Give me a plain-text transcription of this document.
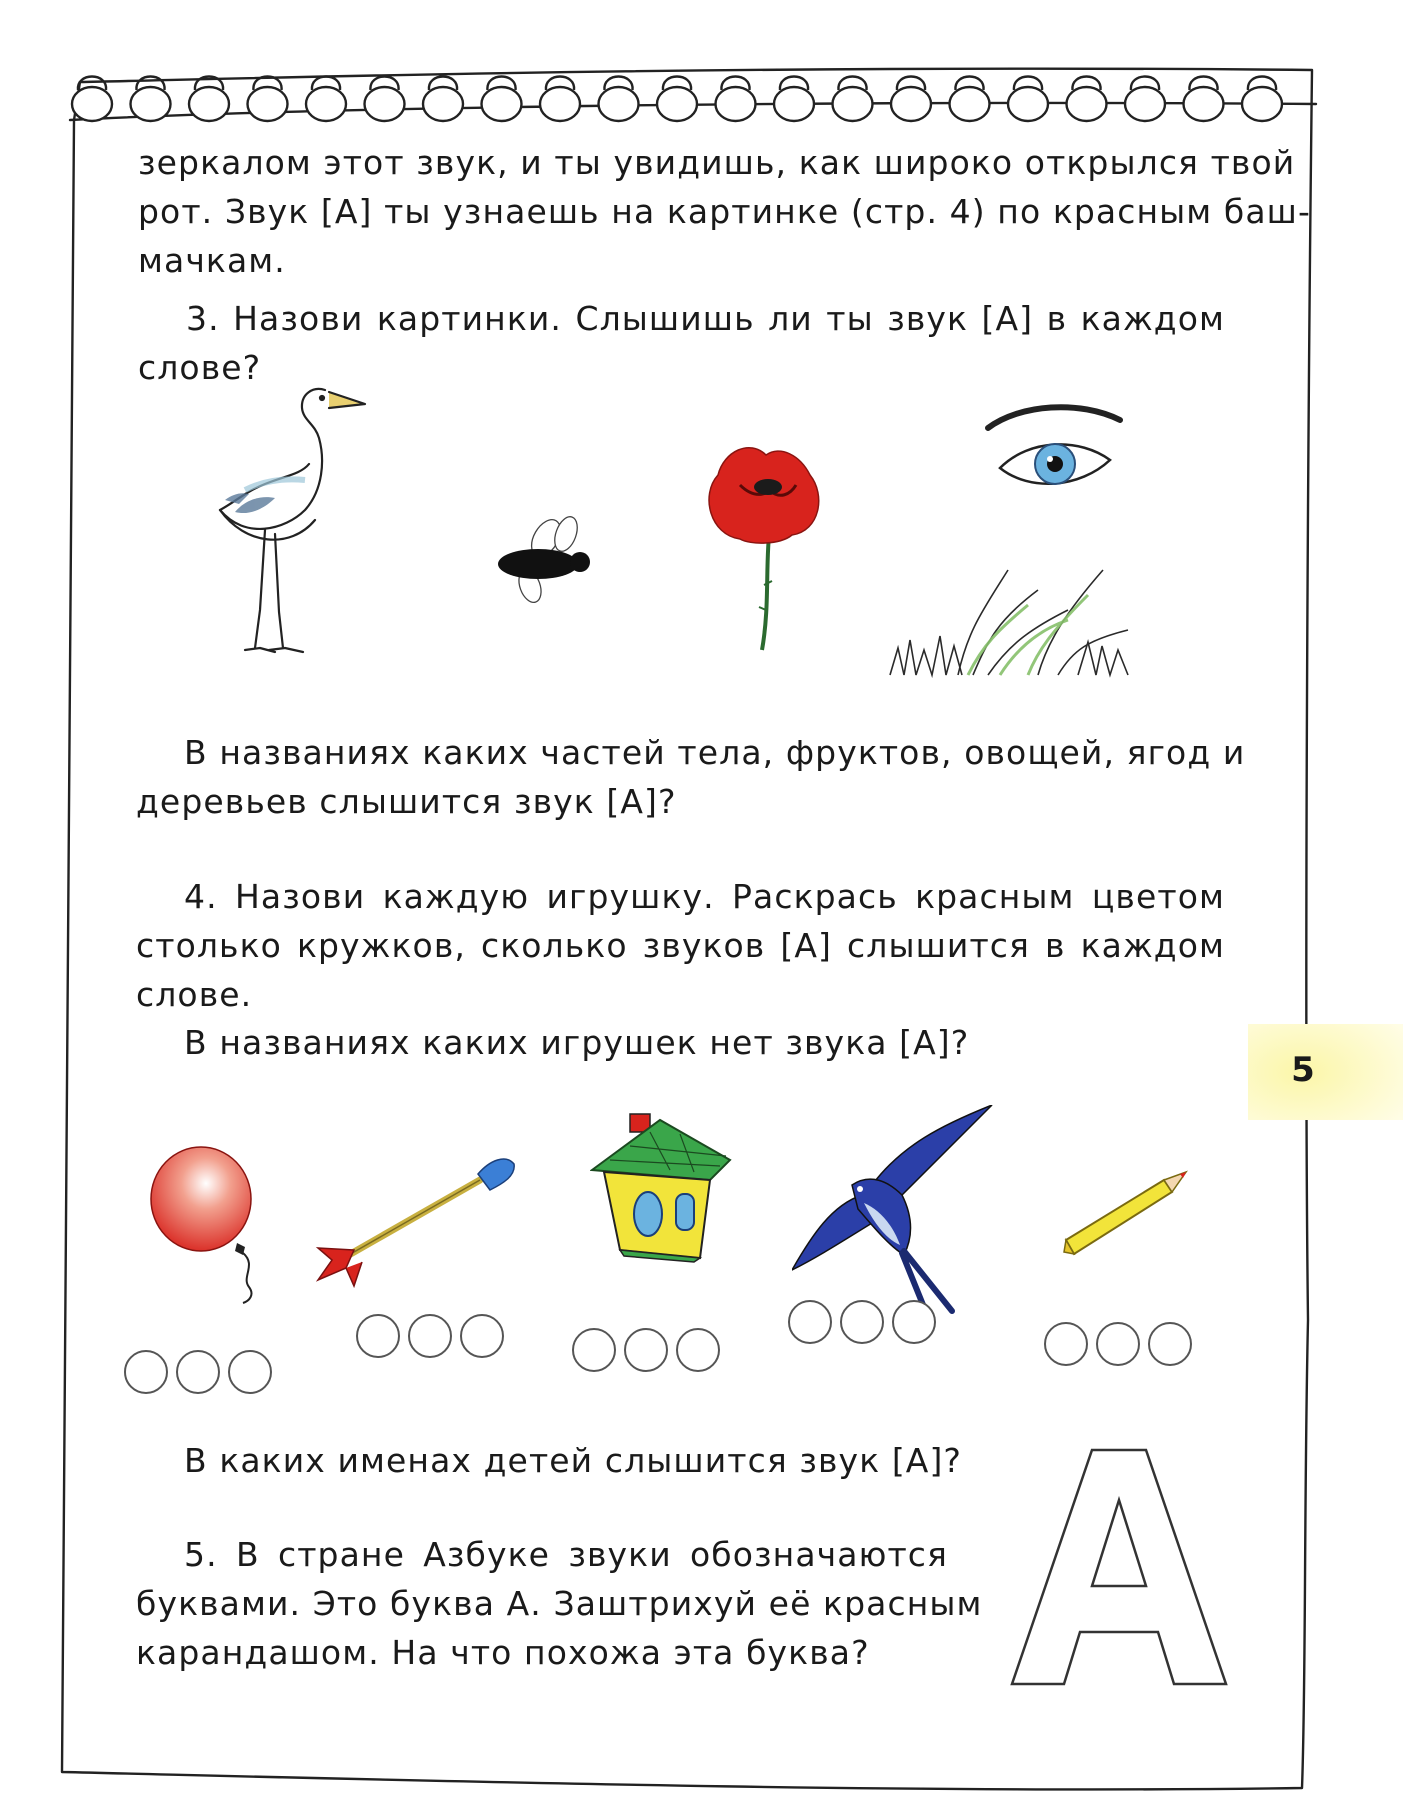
5
зеркалом этот звук, и ты увидишь, как широко открылся твой
рот. Звук [А] ты узнаешь на картинке (стр. 4) по красным баш-
мачкам.
3. Назови картинки. Слышишь ли ты звук [А] в каждом
слове?
В названиях каких частей тела, фруктов, овощей, ягод и
деревьев слышится звук [А]?
4. Назови каждую игрушку. Раскрась красным цветом
столько кружков, сколько звуков [А] слышится в каждом
слове.
В названиях каких игрушек нет звука [А]?
В каких именах детей слышится звук [А]?
5. В стране Азбуке звуки обозначаются
буквами. Это буква А. Заштрихуй её красным
карандашом. На что похожа эта буква?
